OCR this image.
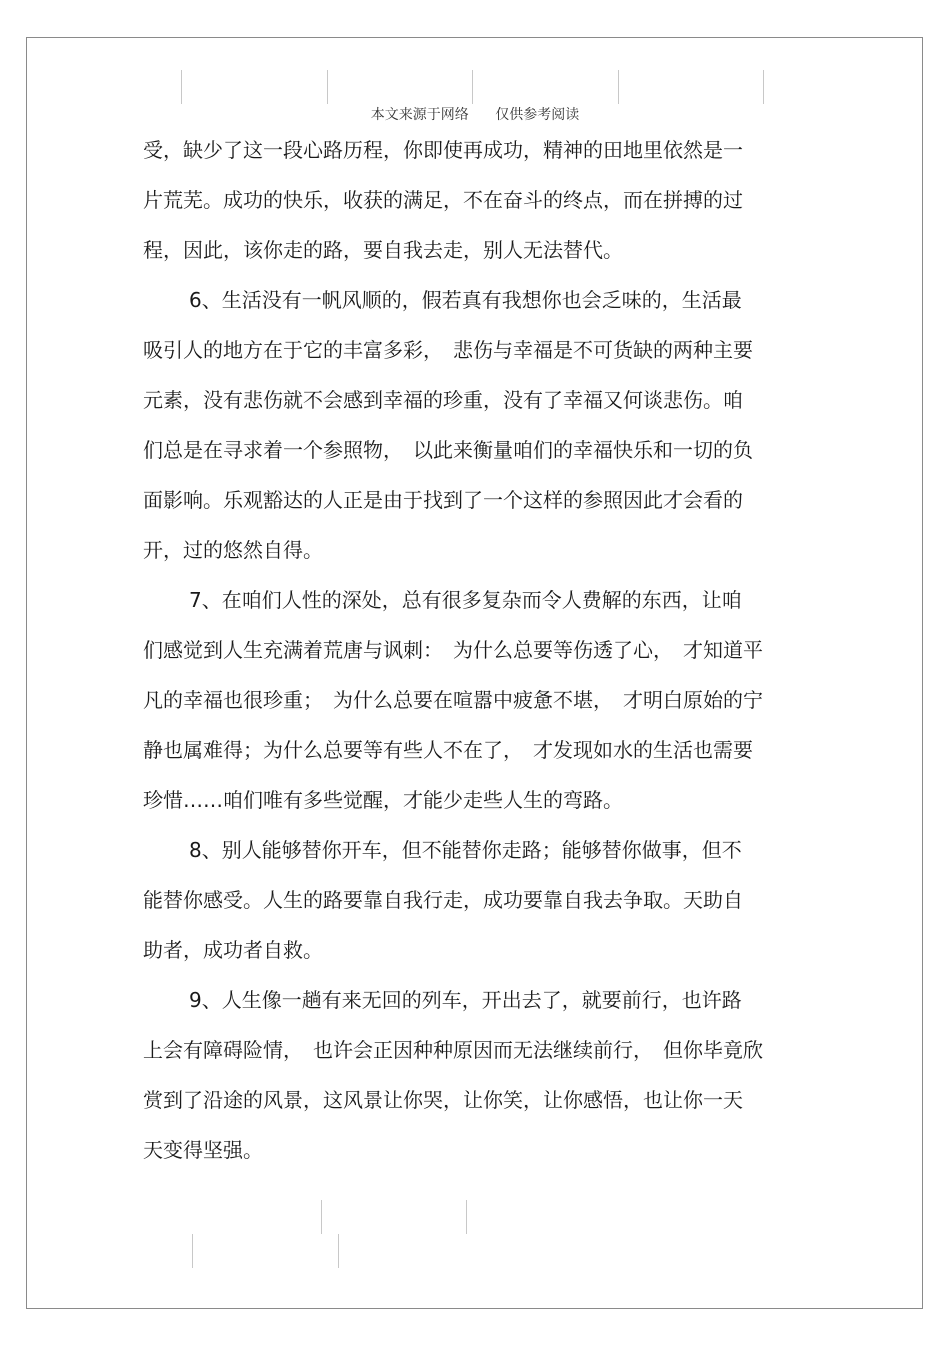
本文来源于网络 仅供参考阅读
受，缺少了这一段心路历程，你即使再成功，精神的田地里依然是一
片荒芜。成功的快乐，收获的满足，不在奋斗的终点，而在拼搏的过
程，因此，该你走的路，要自我去走，别人无法替代。
6、生活没有一帆风顺的，假若真有我想你也会乏味的，生活最
吸引人的地方在于它的丰富多彩，　悲伤与幸福是不可货缺的两种主要
元素，没有悲伤就不会感到幸福的珍重，没有了幸福又何谈悲伤。咱
们总是在寻求着一个参照物，　以此来衡量咱们的幸福快乐和一切的负
面影响。乐观豁达的人正是由于找到了一个这样的参照因此才会看的
开，过的悠然自得。
7、在咱们人性的深处，总有很多复杂而令人费解的东西，让咱
们感觉到人生充满着荒唐与讽刺：　为什么总要等伤透了心，　才知道平
凡的幸福也很珍重；　为什么总要在喧嚣中疲惫不堪，　才明白原始的宁
静也属难得；为什么总要等有些人不在了，　才发现如水的生活也需要
珍惜……咱们唯有多些觉醒，才能少走些人生的弯路。
8、别人能够替你开车，但不能替你走路；能够替你做事，但不
能替你感受。人生的路要靠自我行走，成功要靠自我去争取。天助自
助者，成功者自救。
9、人生像一趟有来无回的列车，开出去了，就要前行，也许路
上会有障碍险情，　也许会正因种种原因而无法继续前行，　但你毕竟欣
赏到了沿途的风景，这风景让你哭，让你笑，让你感悟，也让你一天
天变得坚强。
